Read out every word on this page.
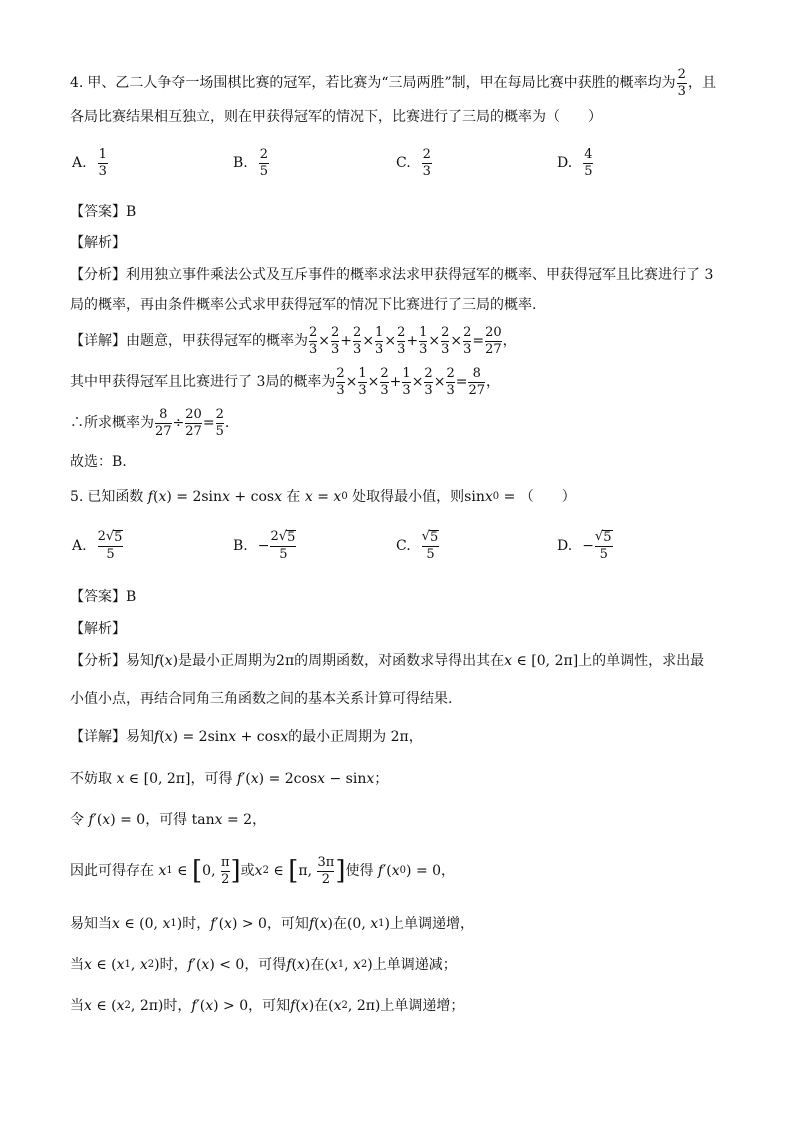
4. 甲、乙二人争夺一场围棋比赛的冠军，若比赛为“三局两胜”制，甲在每局比赛中获胜的概率均为 $\frac{2}{3}$ ，且
各局比赛结果相互独立，则在甲获得冠军的情况下，比赛进行了三局的概率为（　　）
A. $\frac{1}{3}$	B. $\frac{2}{5}$	C. $\frac{2}{3}$	D. $\frac{4}{5}$
【答案】 B
【解析】
【分析】 利用独立事件乘法公式及互斥事件的概率求法求甲获得冠军的概率、甲获得冠军且比赛进行了 3
局的概率，再由条件概率公式求甲获得冠军的情况下比赛进行了三局的概率.
【详解】 由题意，甲获得冠军的概率为 $\frac{2}{3} \times \frac{2}{3} + \frac{2}{3} \times \frac{1}{3} \times \frac{2}{3} + \frac{1}{3} \times \frac{2}{3} \times \frac{2}{3} = \frac{20}{27}$ ，
其中甲获得冠军且比赛进行了 3局的概率为 $\frac{2}{3} \times \frac{1}{3} \times \frac{2}{3} + \frac{1}{3} \times \frac{2}{3} \times \frac{2}{3} = \frac{8}{27}$ ，
∴所求概率为 $\frac{8}{27} \div \frac{20}{27} = \frac{2}{5}$ .
故选：B.
5. 已知函数 f ( x ) = 2sin x + cos x
在
x = x 0
处取得最小值，则 sin x 0 = （　　）
A. $\frac{2√ 5}{5}$	B. − $\frac{2√ 5}{5}$	C. $\frac{√ 5}{5}$	D. − $\frac{√ 5}{5}$
【答案】 B
【解析】
【分析】 易知 f ( x ) 是最小正周期为 2π 的周期函数，对函数求导得出其在 x ∈ [0, 2π] 上的单调性，求出最
小值小点，再结合同角三角函数之间的基本关系计算可得结果.
【详解】 易知 f ( x ) = 2sin x + cos x 的最小正周期为 2π，
不妨取
x ∈ [0, 2π] ，可得
f ′( x ) = 2cos x − sin x ；
令
f ′( x ) = 0 ，可得 tan x = 2，
因此可得存在
x 1 ∈ [ 0, $\frac{\pi}{2}$ ] 或 x 2 ∈ [ π, $\frac{3\pi}{2}$ ] 使得
f ′( x 0 ) = 0，
易知当 x ∈ (0, x 1 ) 时， f ′( x ) > 0 ，可知 f ( x ) 在 (0, x 1 ) 上单调递增，
当 x ∈ ( x 1 , x 2 ) 时， f ′( x ) < 0 ，可得 f ( x ) 在 ( x 1 , x 2 ) 上单调递减；
当 x ∈ ( x 2 , 2π) 时， f ′( x ) > 0 ，可知 f ( x ) 在 ( x 2 , 2π) 上单调递增；
